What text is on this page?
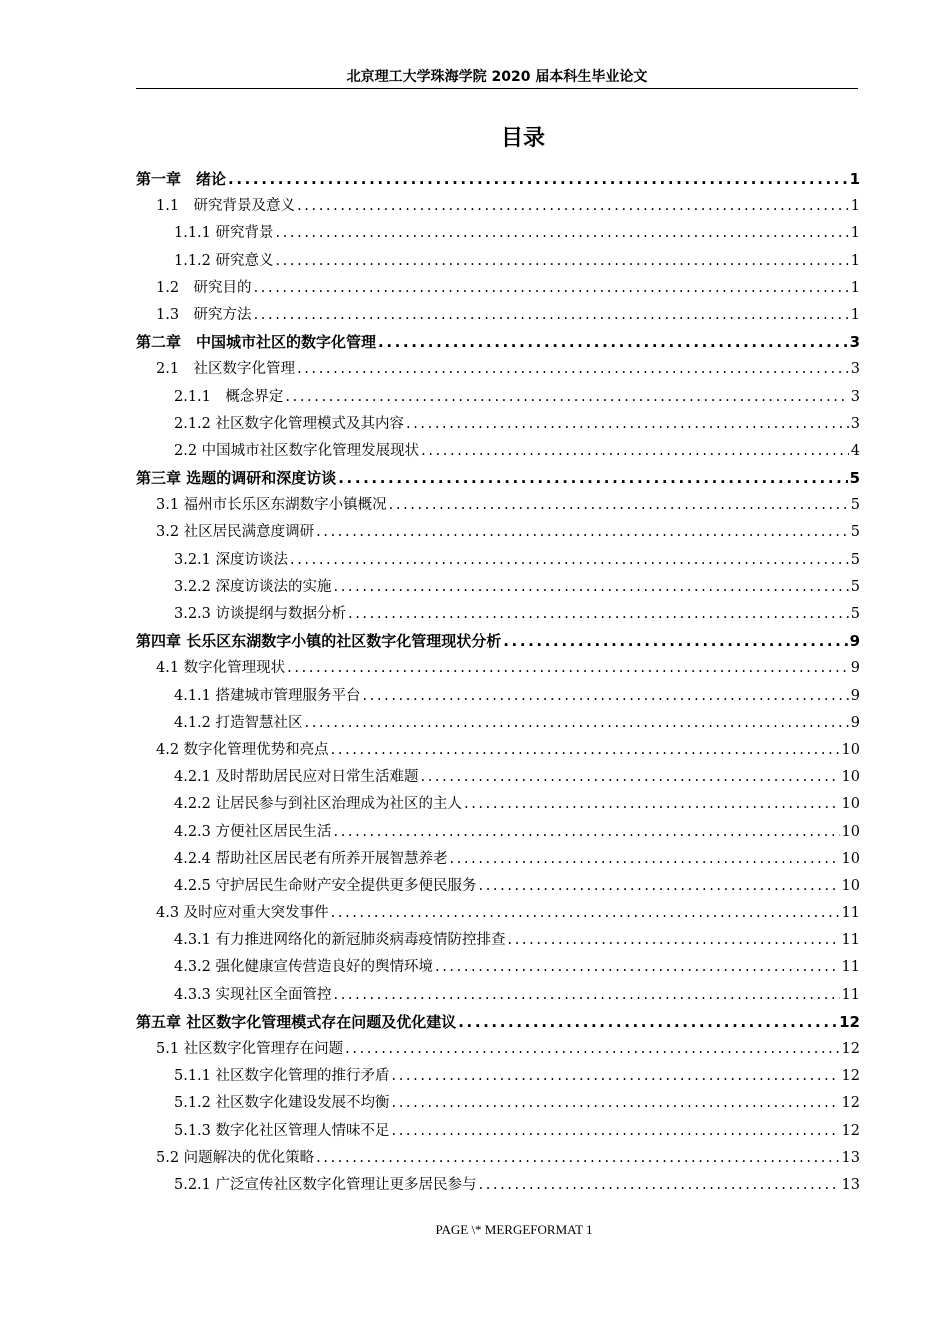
北京理工大学珠海学院 2020 届本科生毕业论文
目录
第一章　绪论 .....	1
1.1　研究背景及意义 .....	1
1.1.1 研究背景 .....	1
1.1.2 研究意义 .....	1
1.2　研究目的 .....	1
1.3　研究方法 .....	1
第二章　中国城市社区的数字化管理 .....	3
2.1　社区数字化管理 .....	3
2.1.1　概念界定 .....	3
2.1.2 社区数字化管理模式及其内容 .....	3
2.2 中国城市社区数字化管理发展现状 .....	4
第三章 选题的调研和深度访谈 .....	5
3.1 福州市长乐区东湖数字小镇概况 .....	5
3.2 社区居民满意度调研 .....	5
3.2.1 深度访谈法 .....	5
3.2.2 深度访谈法的实施 .....	5
3.2.3 访谈提纲与数据分析 .....	5
第四章 长乐区东湖数字小镇的社区数字化管理现状分析 .....	9
4.1 数字化管理现状 .....	9
4.1.1 搭建城市管理服务平台 .....	9
4.1.2 打造智慧社区 .....	9
4.2 数字化管理优势和亮点 .....	10
4.2.1 及时帮助居民应对日常生活难题 .....	10
4.2.2 让居民参与到社区治理成为社区的主人 .....	10
4.2.3 方便社区居民生活 .....	10
4.2.4 帮助社区居民老有所养开展智慧养老 .....	10
4.2.5 守护居民生命财产安全提供更多便民服务 .....	10
4.3 及时应对重大突发事件 .....	11
4.3.1 有力推进网络化的新冠肺炎病毒疫情防控排查 .....	11
4.3.2 强化健康宣传营造良好的舆情环境 .....	11
4.3.3 实现社区全面管控 .....	11
第五章 社区数字化管理模式存在问题及优化建议 .....	12
5.1 社区数字化管理存在问题 .....	12
5.1.1 社区数字化管理的推行矛盾 .....	12
5.1.2 社区数字化建设发展不均衡 .....	12
5.1.3 数字化社区管理人情味不足 .....	12
5.2 问题解决的优化策略 .....	13
5.2.1 广泛宣传社区数字化管理让更多居民参与 .....	13
PAGE \* MERGEFORMAT 1
